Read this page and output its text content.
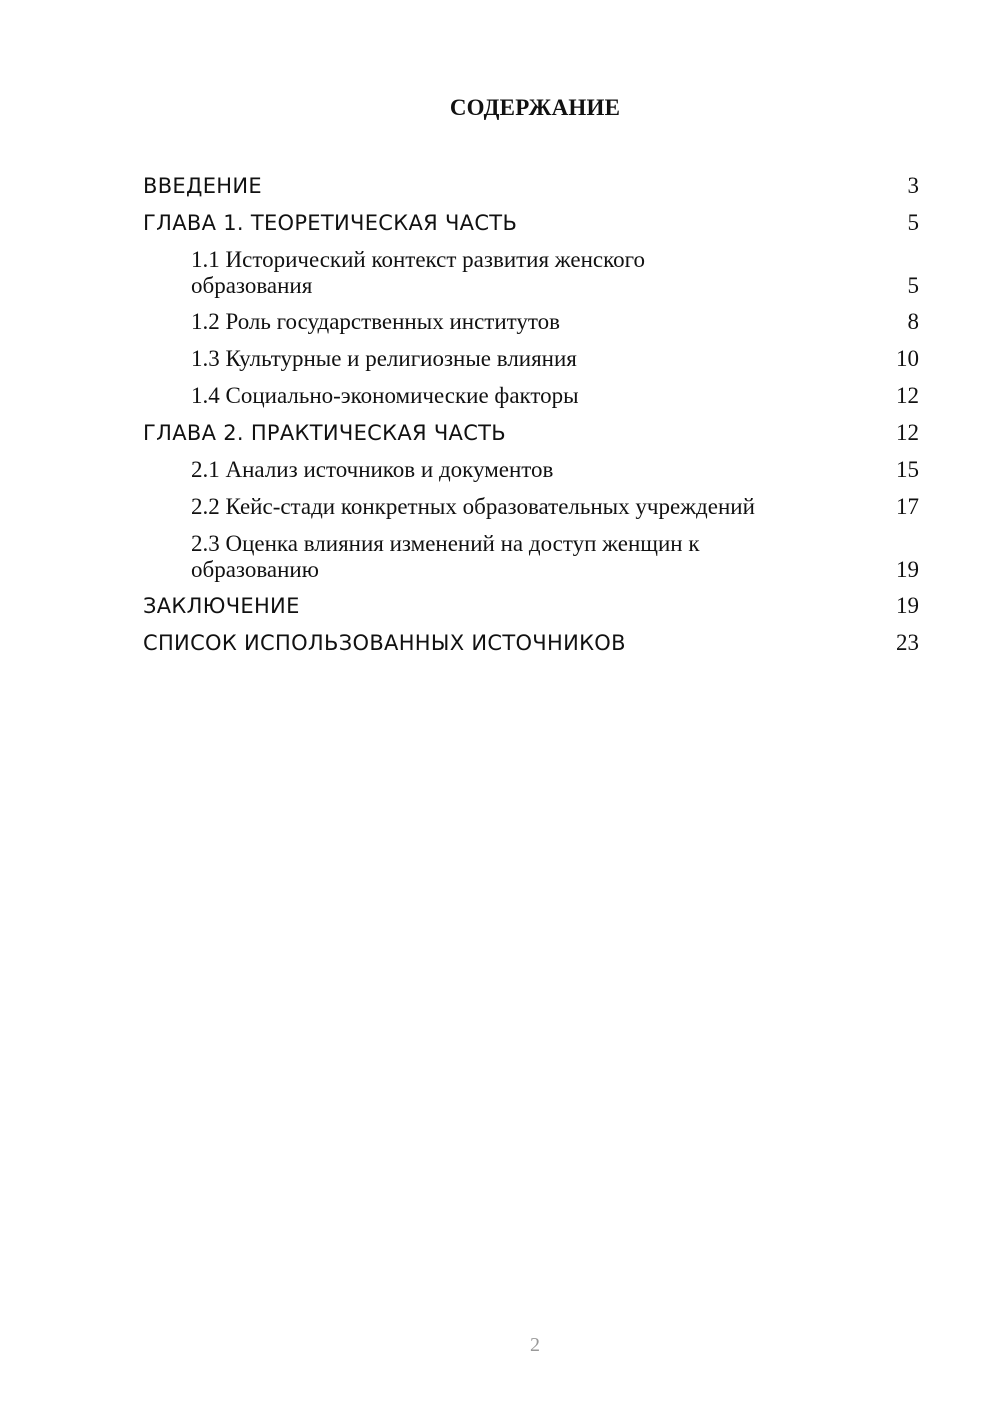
СОДЕРЖАНИЕ
ВВЕДЕНИЕ	3
ГЛАВА 1. ТЕОРЕТИЧЕСКАЯ ЧАСТЬ	5
1.1 Исторический контекст развития женского образования	5
1.2 Роль государственных институтов	8
1.3 Культурные и религиозные влияния	10
1.4 Социально-экономические факторы	12
ГЛАВА 2. ПРАКТИЧЕСКАЯ ЧАСТЬ	12
2.1 Анализ источников и документов	15
2.2 Кейс-стади конкретных образовательных учреждений	17
2.3 Оценка влияния изменений на доступ женщин к образованию	19
ЗАКЛЮЧЕНИЕ	19
СПИСОК ИСПОЛЬЗОВАННЫХ ИСТОЧНИКОВ	23
2
